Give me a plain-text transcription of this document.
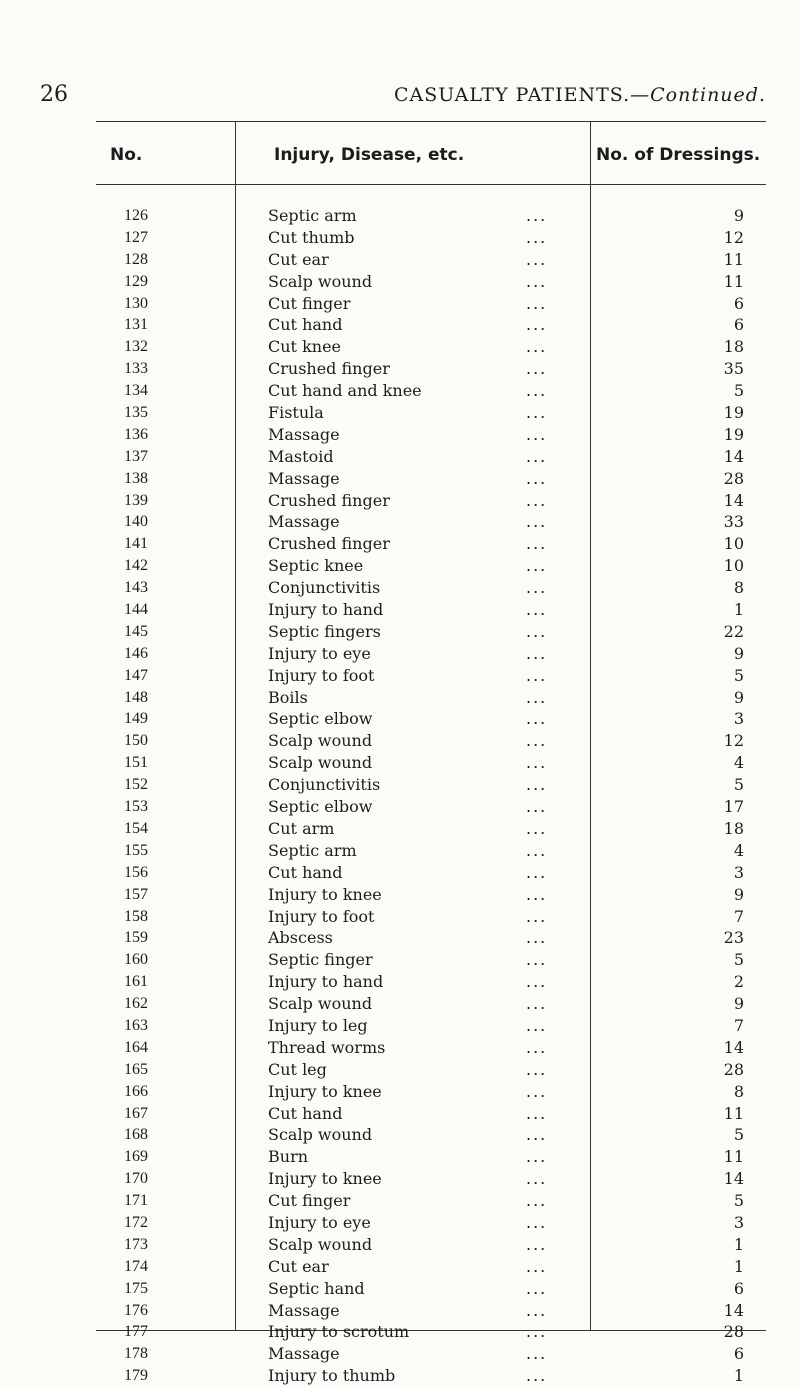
26	CASUALTY PATIENTS.—Continued.
No.	Injury, Disease, etc.	No. of Dressings.
126	Septic arm	...	9
127	Cut thumb	...	12
128	Cut ear	...	11
129	Scalp wound	...	11
130	Cut finger	...	6
131	Cut hand	...	6
132	Cut knee	...	18
133	Crushed finger	...	35
134	Cut hand and knee	...	5
135	Fistula	...	19
136	Massage	...	19
137	Mastoid	...	14
138	Massage	...	28
139	Crushed finger	...	14
140	Massage	...	33
141	Crushed finger	...	10
142	Septic knee	...	10
143	Conjunctivitis	...	8
144	Injury to hand	...	1
145	Septic fingers	...	22
146	Injury to eye	...	9
147	Injury to foot	...	5
148	Boils	...	9
149	Septic elbow	...	3
150	Scalp wound	...	12
151	Scalp wound	...	4
152	Conjunctivitis	...	5
153	Septic elbow	...	17
154	Cut arm	...	18
155	Septic arm	...	4
156	Cut hand	...	3
157	Injury to knee	...	9
158	Injury to foot	...	7
159	Abscess	...	23
160	Septic finger	...	5
161	Injury to hand	...	2
162	Scalp wound	...	9
163	Injury to leg	...	7
164	Thread worms	...	14
165	Cut leg	...	28
166	Injury to knee	...	8
167	Cut hand	...	11
168	Scalp wound	...	5
169	Burn	...	11
170	Injury to knee	...	14
171	Cut finger	...	5
172	Injury to eye	...	3
173	Scalp wound	...	1
174	Cut ear	...	1
175	Septic hand	...	6
176	Massage	...	14
177	Injury to scrotum	...	28
178	Massage	...	6
179	Injury to thumb	...	1
